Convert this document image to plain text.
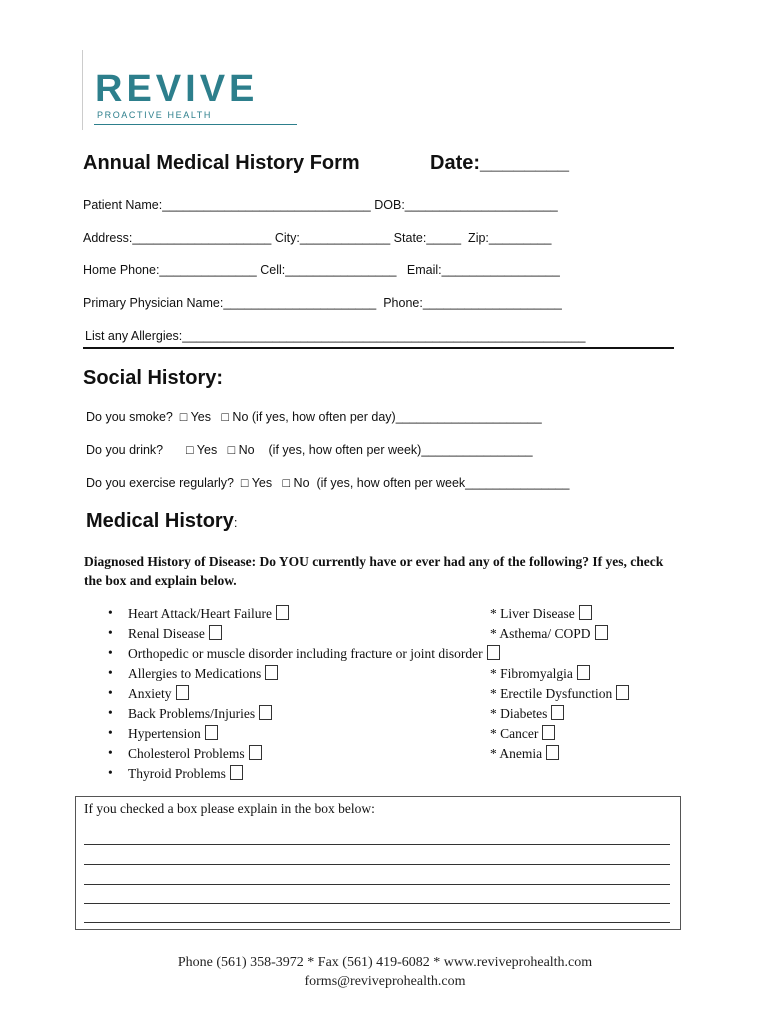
REVIVE
PROACTIVE HEALTH
Annual Medical History Form	Date:________
Patient Name:______________________________ DOB:______________________
Address:____________________ City:_____________ State:_____  Zip:_________
Home Phone:______________ Cell:________________   Email:_________________
Primary Physician Name:______________________  Phone:____________________
List any Allergies:__________________________________________________________
Social History:
Do you smoke?  □ Yes   □ No (if yes, how often per day)_____________________
Do you drink? □ Yes   □ No    (if yes, how often per week)________________
Do you exercise regularly?  □ Yes   □ No  (if yes, how often per week_______________
Medical History:
Diagnosed History of Disease: Do YOU currently have or ever had any of the following? If yes, check the box and explain below.
• Heart Attack/Heart Failure
• Renal Disease
• Orthopedic or muscle disorder including fracture or joint disorder
• Allergies to Medications
• Anxiety
• Back Problems/Injuries
• Hypertension
• Cholesterol Problems
• Thyroid Problems
* Liver Disease
* Asthema/ COPD
* Fibromyalgia
* Erectile Dysfunction
* Diabetes
* Cancer
* Anemia
If you checked a box please explain in the box below:
Phone (561) 358-3972 * Fax (561) 419-6082 * www.reviveprohealth.com
forms@reviveprohealth.com
